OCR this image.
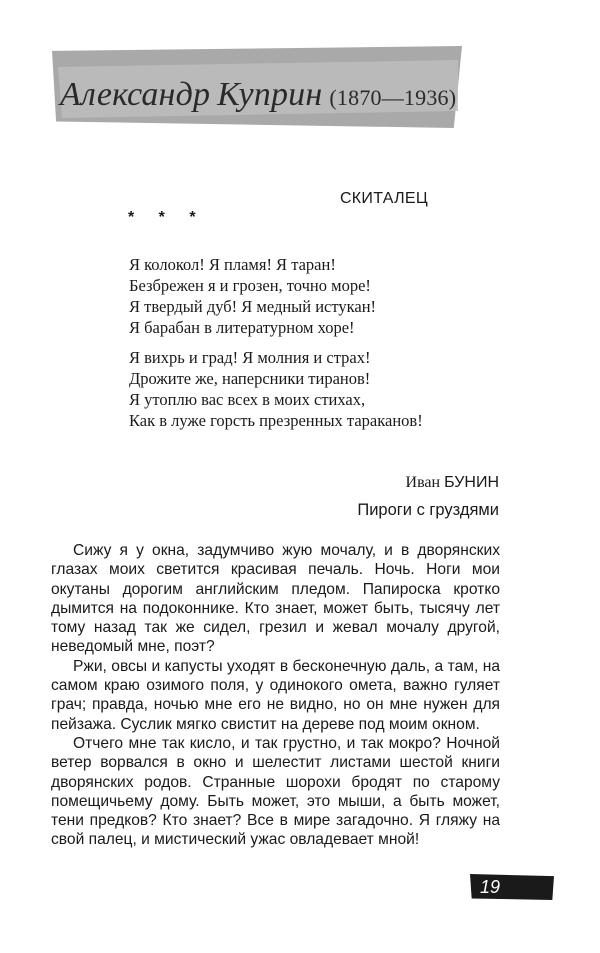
Александр Куприн (1870—1936)
СКИТАЛЕЦ
* * *
Я колокол! Я пламя! Я таран!
Безбрежен я и грозен, точно море!
Я твердый дуб! Я медный истукан!
Я барабан в литературном хоре!
Я вихрь и град! Я молния и страх!
Дрожите же, наперсники тиранов!
Я утоплю вас всех в моих стихах,
Как в луже горсть презренных тараканов!
Иван БУНИН
Пироги с груздями

Сижу я у окна, задумчиво жую мочалу, и в дворянских глазах моих светится красивая печаль. Ночь. Ноги мои окутаны дорогим английским пледом. Папироска кротко дымится на подоконнике. Кто знает, может быть, тысячу лет тому назад так же сидел, грезил и жевал мочалу другой, неведомый мне, поэт?

Ржи, овсы и капусты уходят в бесконечную даль, а там, на самом краю озимого поля, у одинокого омета, важно гуляет грач; правда, ночью мне его не видно, но он мне нужен для пейзажа. Суслик мягко свистит на дереве под моим окном.

Отчего мне так кисло, и так грустно, и так мокро? Ночной ветер ворвался в окно и шелестит листами шестой книги дворянских родов. Странные шорохи бродят по старому помещичьему дому. Быть может, это мыши, а быть может, тени предков? Кто знает? Все в мире загадочно. Я гляжу на свой палец, и мистический ужас овладевает мной!

19
